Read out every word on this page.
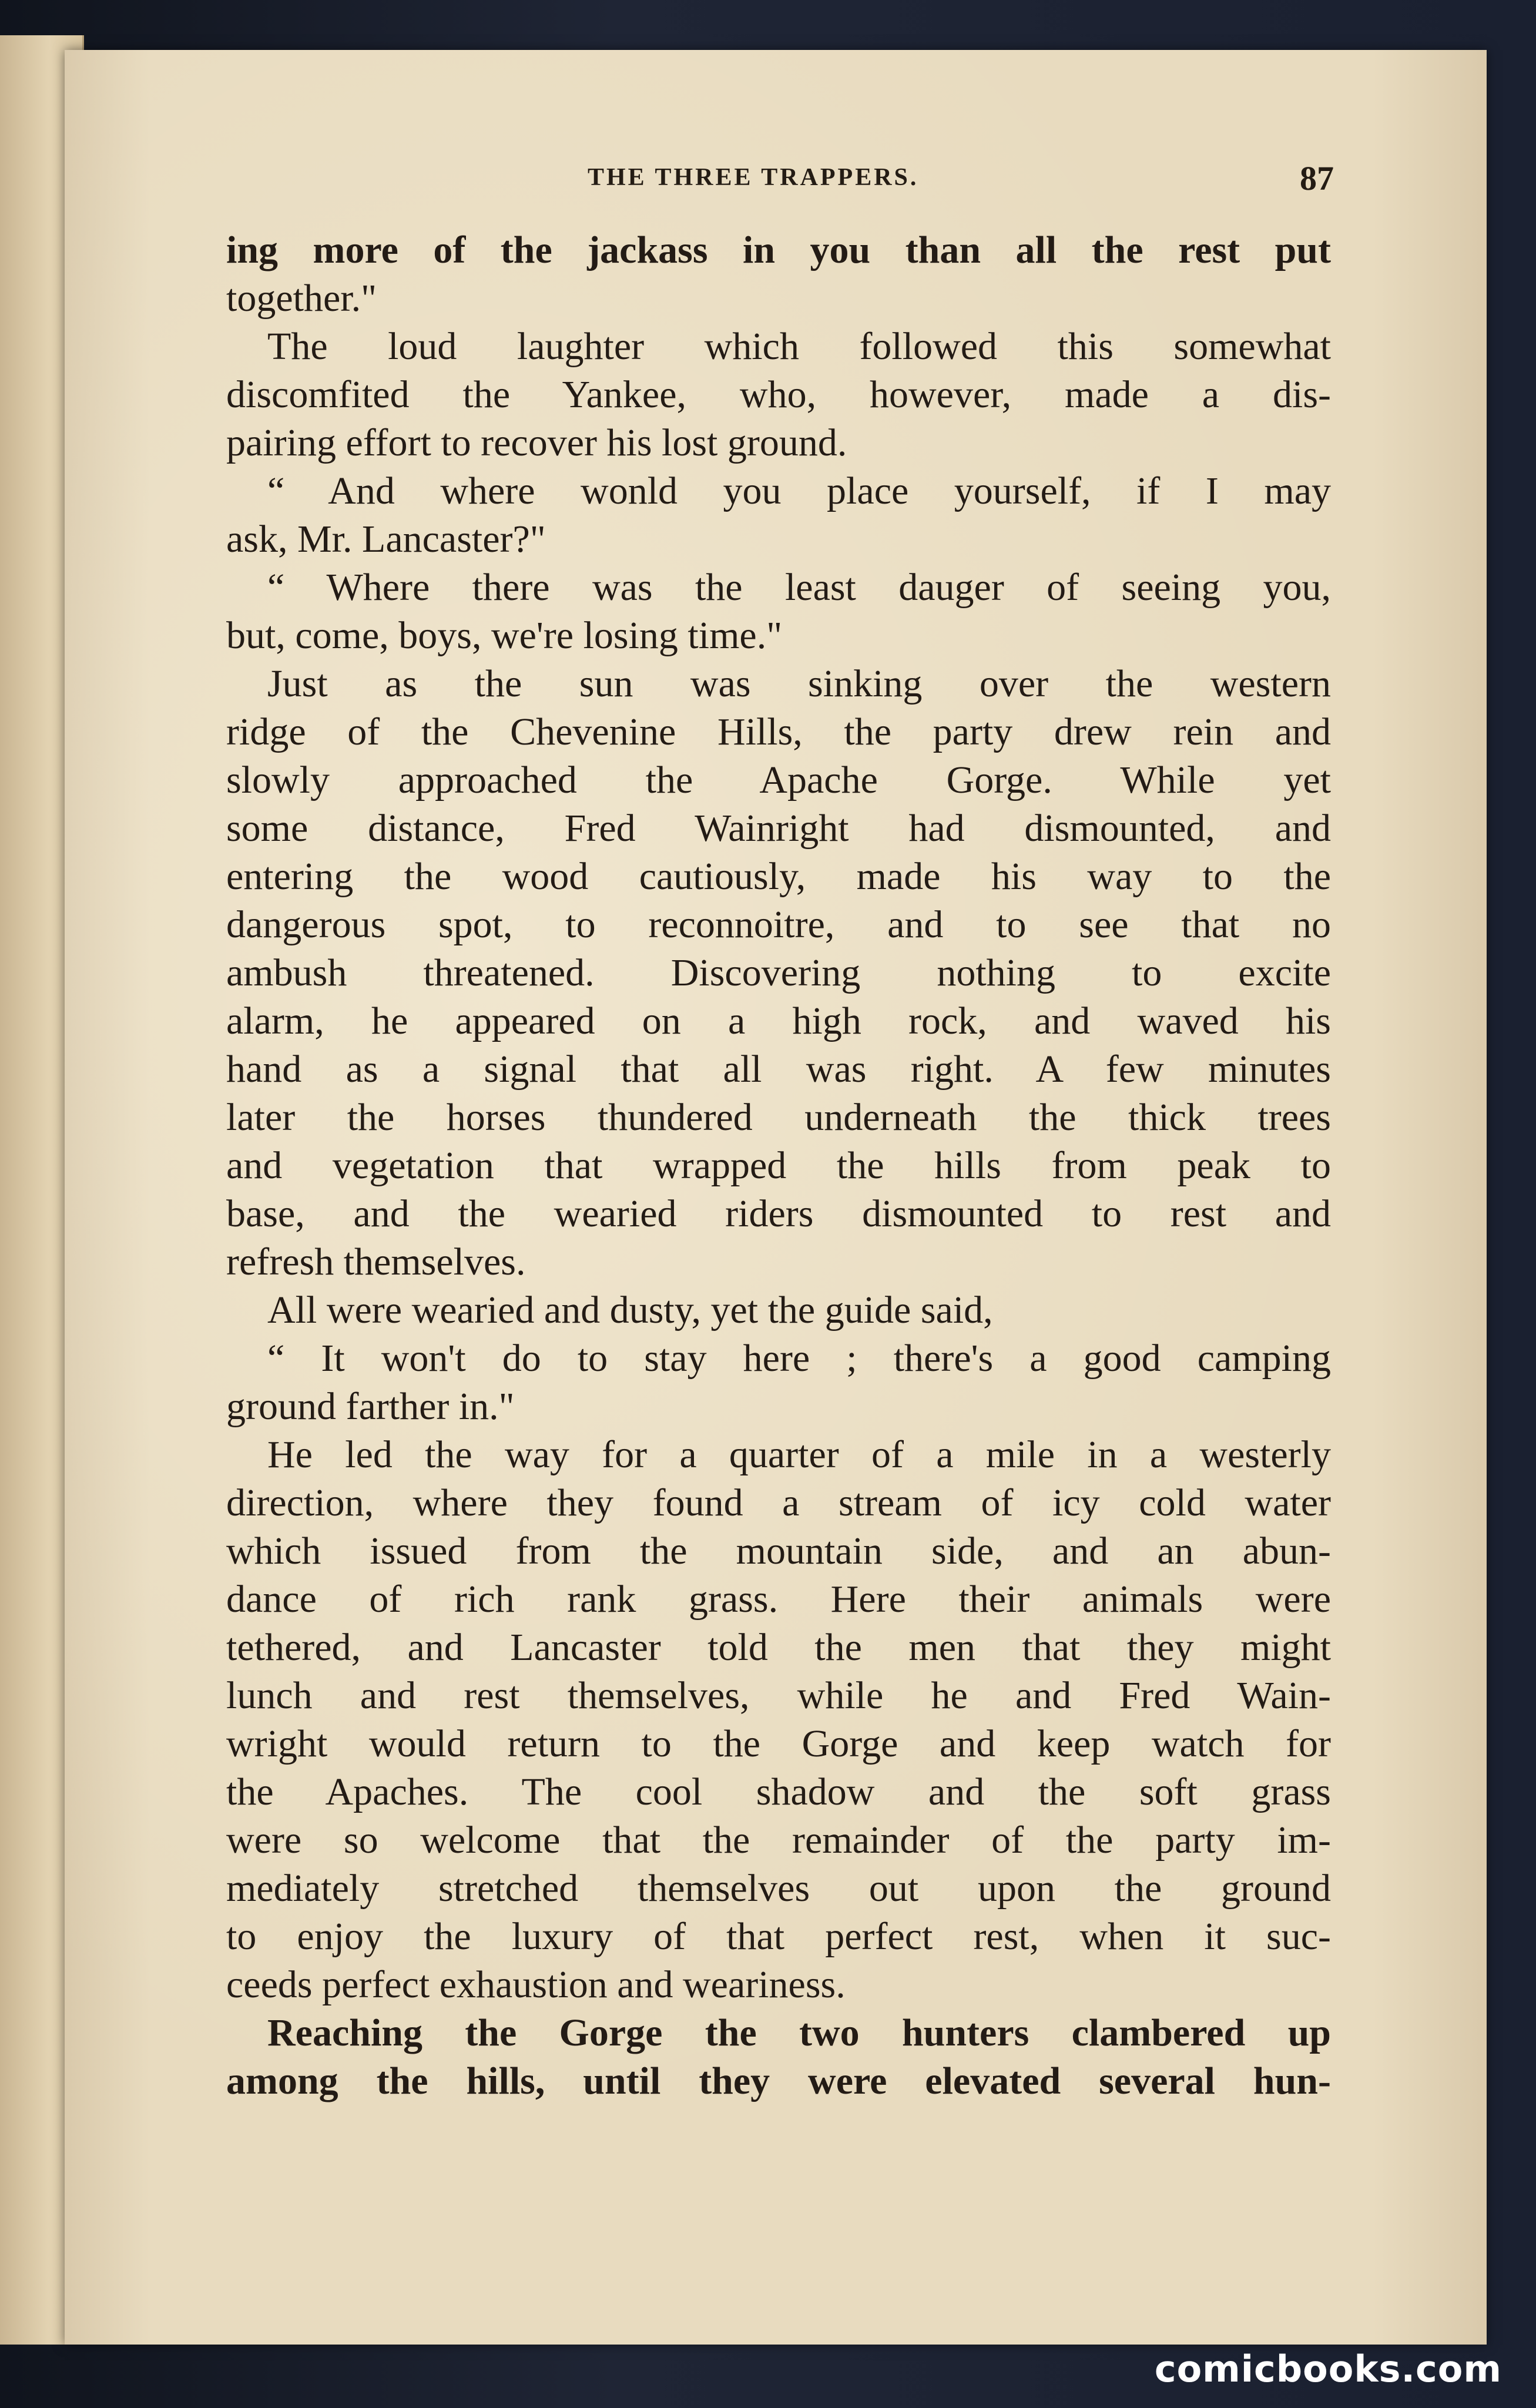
THE THREE TRAPPERS.	87
ing more of the jackass in you than all the rest put
together."
The loud laughter which followed this somewhat
discomfited the Yankee, who, however, made a dis-
pairing effort to recover his lost ground.
“ And where wonld you place yourself, if I may
ask, Mr. Lancaster?"
“ Where there was the least dauger of seeing you,
but, come, boys, we're losing time."
Just as the sun was sinking over the western
ridge of the Chevenine Hills, the party drew rein and
slowly approached the Apache Gorge. While yet
some distance, Fred Wainright had dismounted, and
entering the wood cautiously, made his way to the
dangerous spot, to reconnoitre, and to see that no
ambush threatened. Discovering nothing to excite
alarm, he appeared on a high rock, and waved his
hand as a signal that all was right. A few minutes
later the horses thundered underneath the thick trees
and vegetation that wrapped the hills from peak to
base, and the wearied riders dismounted to rest and
refresh themselves.
All were wearied and dusty, yet the guide said,
“ It won't do to stay here ; there's a good camping
ground farther in."
He led the way for a quarter of a mile in a westerly
direction, where they found a stream of icy cold water
which issued from the mountain side, and an abun-
dance of rich rank grass. Here their animals were
tethered, and Lancaster told the men that they might
lunch and rest themselves, while he and Fred Wain-
wright would return to the Gorge and keep watch for
the Apaches. The cool shadow and the soft grass
were so welcome that the remainder of the party im-
mediately stretched themselves out upon the ground
to enjoy the luxury of that perfect rest, when it suc-
ceeds perfect exhaustion and weariness.
Reaching the Gorge the two hunters clambered up
among the hills, until they were elevated several hun-
comicbooks.com
